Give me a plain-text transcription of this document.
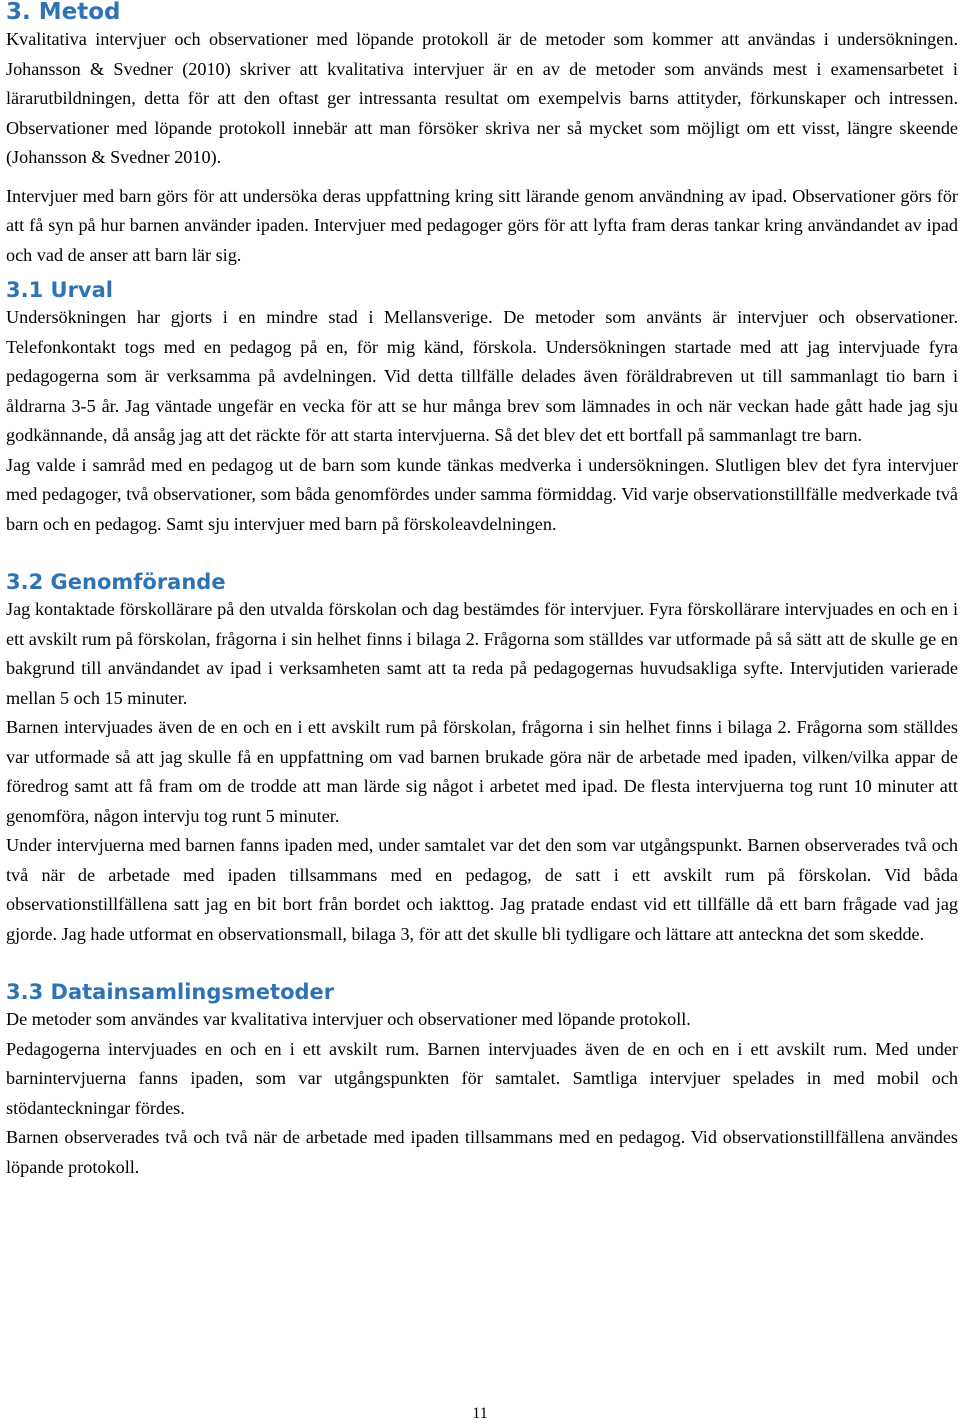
3. Metod

Kvalitativa intervjuer och observationer med löpande protokoll är de metoder som kommer att användas i undersökningen. Johansson & Svedner (2010) skriver att kvalitativa intervjuer är en av de metoder som används mest i examensarbetet i lärarutbildningen, detta för att den oftast ger intressanta resultat om exempelvis barns attityder, förkunskaper och intressen. Observationer med löpande protokoll innebär att man försöker skriva ner så mycket som möjligt om ett visst, längre skeende (Johansson & Svedner 2010).

Intervjuer med barn görs för att undersöka deras uppfattning kring sitt lärande genom användning av ipad. Observationer görs för att få syn på hur barnen använder ipaden. Intervjuer med pedagoger görs för att lyfta fram deras tankar kring användandet av ipad och vad de anser att barn lär sig.

3.1 Urval

Undersökningen har gjorts i en mindre stad i Mellansverige. De metoder som använts är intervjuer och observationer. Telefonkontakt togs med en pedagog på en, för mig känd, förskola. Undersökningen startade med att jag intervjuade fyra pedagogerna som är verksamma på avdelningen. Vid detta tillfälle delades även föräldrabreven ut till sammanlagt tio barn i åldrarna 3-5 år. Jag väntade ungefär en vecka för att se hur många brev som lämnades in och när veckan hade gått hade jag sju godkännande, då ansåg jag att det räckte för att starta intervjuerna. Så det blev det ett bortfall på sammanlagt tre barn.

Jag valde i samråd med en pedagog ut de barn som kunde tänkas medverka i undersökningen. Slutligen blev det fyra intervjuer med pedagoger, två observationer, som båda genomfördes under samma förmiddag. Vid varje observationstillfälle medverkade två barn och en pedagog. Samt sju intervjuer med barn på förskoleavdelningen.

3.2 Genomförande

Jag kontaktade förskollärare på den utvalda förskolan och dag bestämdes för intervjuer. Fyra förskollärare intervjuades en och en i ett avskilt rum på förskolan, frågorna i sin helhet finns i bilaga 2. Frågorna som ställdes var utformade på så sätt att de skulle ge en bakgrund till användandet av ipad i verksamheten samt att ta reda på pedagogernas huvudsakliga syfte. Intervjutiden varierade mellan 5 och 15 minuter.

Barnen intervjuades även de en och en i ett avskilt rum på förskolan, frågorna i sin helhet finns i bilaga 2. Frågorna som ställdes var utformade så att jag skulle få en uppfattning om vad barnen brukade göra när de arbetade med ipaden, vilken/vilka appar de föredrog samt att få fram om de trodde att man lärde sig något i arbetet med ipad. De flesta intervjuerna tog runt 10 minuter att genomföra, någon intervju tog runt 5 minuter.

Under intervjuerna med barnen fanns ipaden med, under samtalet var det den som var utgångspunkt. Barnen observerades två och två när de arbetade med ipaden tillsammans med en pedagog, de satt i ett avskilt rum på förskolan. Vid båda observationstillfällena satt jag en bit bort från bordet och iakttog. Jag pratade endast vid ett tillfälle då ett barn frågade vad jag gjorde. Jag hade utformat en observationsmall, bilaga 3, för att det skulle bli tydligare och lättare att anteckna det som skedde.

3.3 Datainsamlingsmetoder

De metoder som användes var kvalitativa intervjuer och observationer med löpande protokoll.

Pedagogerna intervjuades en och en i ett avskilt rum. Barnen intervjuades även de en och en i ett avskilt rum. Med under barnintervjuerna fanns ipaden, som var utgångspunkten för samtalet. Samtliga intervjuer spelades in med mobil och stödanteckningar fördes.

Barnen observerades två och två när de arbetade med ipaden tillsammans med en pedagog. Vid observationstillfällena användes löpande protokoll.

11
